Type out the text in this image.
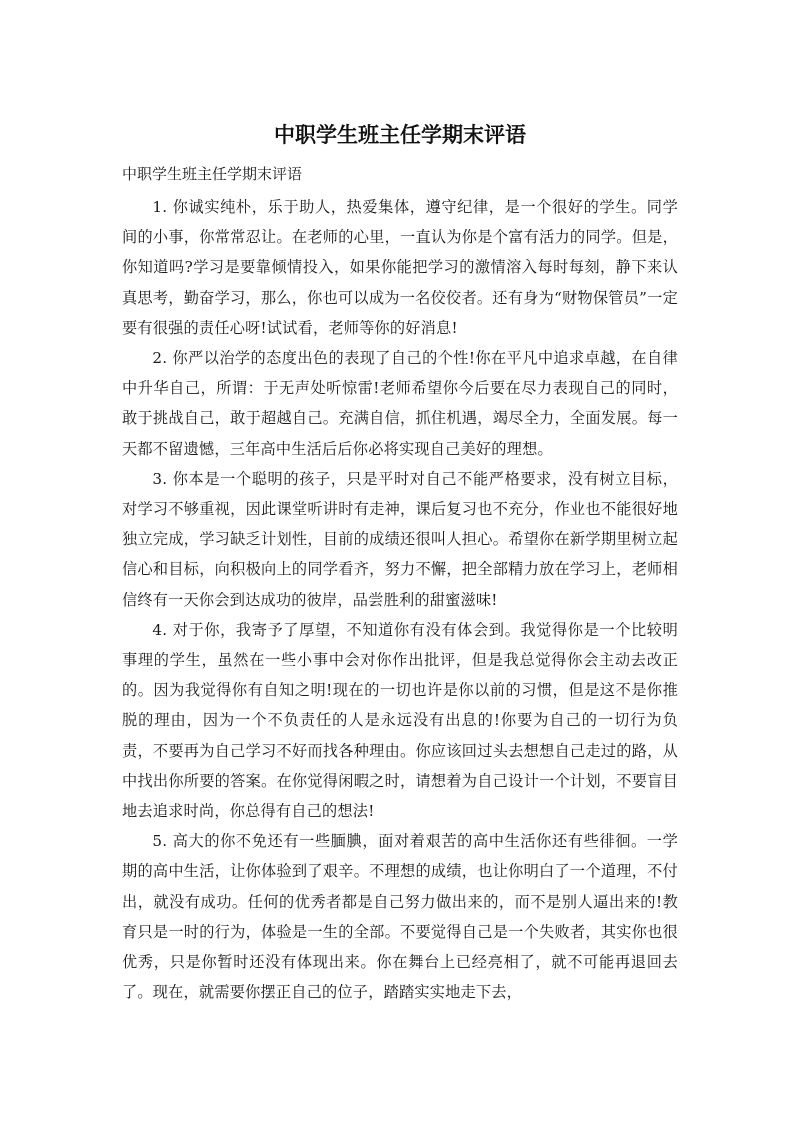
中职学生班主任学期末评语

中职学生班主任学期末评语

1. 你诚实纯朴，乐于助人，热爱集体，遵守纪律，是一个很好的学生。同学间的小事，你常常忍让。在老师的心里，一直认为你是个富有活力的同学。但是，你知道吗?学习是要靠倾情投入，如果你能把学习的激情溶入每时每刻，静下来认真思考，勤奋学习，那么，你也可以成为一名佼佼者。还有身为“财物保管员”一定要有很强的责任心呀!试试看，老师等你的好消息!

2. 你严以治学的态度出色的表现了自己的个性!你在平凡中追求卓越，在自律中升华自己，所谓：于无声处听惊雷!老师希望你今后要在尽力表现自己的同时，敢于挑战自己，敢于超越自己。充满自信，抓住机遇，竭尽全力，全面发展。每一天都不留遗憾，三年高中生活后后你必将实现自己美好的理想。

3. 你本是一个聪明的孩子，只是平时对自己不能严格要求，没有树立目标，对学习不够重视，因此课堂听讲时有走神，课后复习也不充分，作业也不能很好地独立完成，学习缺乏计划性，目前的成绩还很叫人担心。希望你在新学期里树立起信心和目标，向积极向上的同学看齐，努力不懈，把全部精力放在学习上，老师相信终有一天你会到达成功的彼岸，品尝胜利的甜蜜滋味!

4. 对于你，我寄予了厚望，不知道你有没有体会到。我觉得你是一个比较明事理的学生，虽然在一些小事中会对你作出批评，但是我总觉得你会主动去改正的。因为我觉得你有自知之明!现在的一切也许是你以前的习惯，但是这不是你推脱的理由，因为一个不负责任的人是永远没有出息的!你要为自己的一切行为负责，不要再为自己学习不好而找各种理由。你应该回过头去想想自己走过的路，从中找出你所要的答案。在你觉得闲暇之时，请想着为自己设计一个计划，不要盲目地去追求时尚，你总得有自己的想法!

5. 高大的你不免还有一些腼腆，面对着艰苦的高中生活你还有些徘徊。一学期的高中生活，让你体验到了艰辛。不理想的成绩，也让你明白了一个道理，不付出，就没有成功。任何的优秀者都是自己努力做出来的，而不是别人逼出来的!教育只是一时的行为，体验是一生的全部。不要觉得自己是一个失败者，其实你也很优秀，只是你暂时还没有体现出来。你在舞台上已经亮相了，就不可能再退回去了。现在，就需要你摆正自己的位子，踏踏实实地走下去，
